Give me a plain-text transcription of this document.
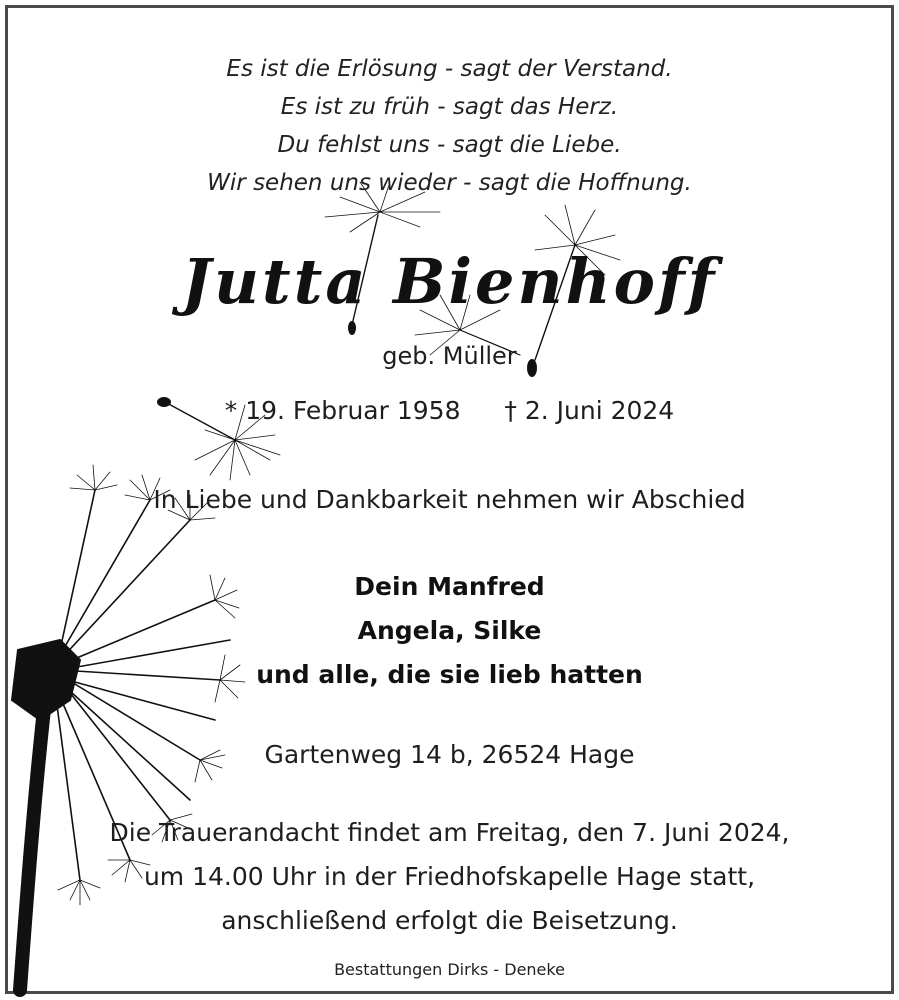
Es ist die Erlösung - sagt der Verstand.
Es ist zu früh - sagt das Herz.
Du fehlst uns - sagt die Liebe.
Wir sehen uns wieder - sagt die Hoffnung.
Jutta Bienhoff
geb. Müller
* 19. Februar 1958 † 2. Juni 2024
In Liebe und Dankbarkeit nehmen wir Abschied
Dein Manfred
Angela, Silke
und alle, die sie lieb hatten
Gartenweg 14 b, 26524 Hage
Die Trauerandacht findet am Freitag, den 7. Juni 2024,
um 14.00 Uhr in der Friedhofskapelle Hage statt,
anschließend erfolgt die Beisetzung.
Bestattungen Dirks - Deneke
